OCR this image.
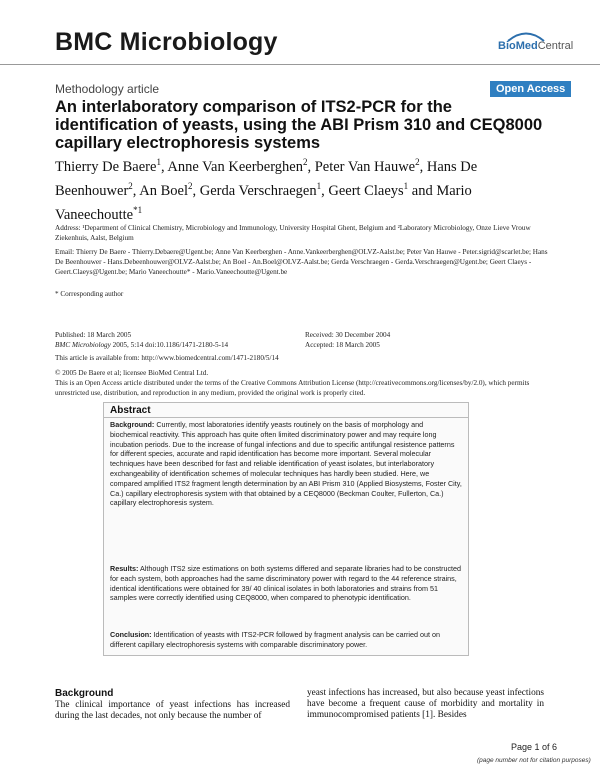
BMC Microbiology	BioMedCentral
Methodology article	Open Access
An interlaboratory comparison of ITS2-PCR for the identification of yeasts, using the ABI Prism 310 and CEQ8000 capillary electrophoresis systems
Thierry De Baere$^1$, Anne Van Keerberghen$^2$, Peter Van Hauwe$^2$, Hans De Beenhouwer$^2$, An Boel$^2$, Gerda Verschraegen$^1$, Geert Claeys$^1$ and Mario Vaneechoutte$^{*1}$
Address: ¹Department of Clinical Chemistry, Microbiology and Immunology, University Hospital Ghent, Belgium and ²Laboratory Microbiology, Onze Lieve Vrouw Ziekenhuis, Aalst, Belgium
Email: Thierry De Baere - Thierry.Debaere@Ugent.be; Anne Van Keerberghen - Anne.Vankeerberghen@OLVZ-Aalst.be; Peter Van Hauwe - Peter.sigrid@scarlet.be; Hans De Beenhouwer - Hans.Debeenhouwer@OLVZ-Aalst.be; An Boel - An.Boel@OLVZ-Aalst.be; Gerda Verschraegen - Gerda.Verschraegen@Ugent.be; Geert Claeys - Geert.Claeys@Ugent.be; Mario Vaneechoutte* - Mario.Vaneechoutte@Ugent.be
* Corresponding author
Published: 18 March 2005
BMC Microbiology 2005, 5:14 doi:10.1186/1471-2180-5-14
Received: 30 December 2004
Accepted: 18 March 2005
This article is available from: http://www.biomedcentral.com/1471-2180/5/14
© 2005 De Baere et al; licensee BioMed Central Ltd.
This is an Open Access article distributed under the terms of the Creative Commons Attribution License (http://creativecommons.org/licenses/by/2.0), which permits unrestricted use, distribution, and reproduction in any medium, provided the original work is properly cited.
Abstract

Background: Currently, most laboratories identify yeasts routinely on the basis of morphology and biochemical reactivity. This approach has quite often limited discriminatory power and may require long incubation periods. Due to the increase of fungal infections and due to specific antifungal resistence patterns for different species, accurate and rapid identification has become more important. Several molecular techniques have been described for fast and reliable identification of yeast isolates, but interlaboratory exchangeability of identification schemes of molecular techniques has hardly been studied. Here, we compared amplified ITS2 fragment length determination by an ABI Prism 310 (Applied Biosystems, Foster City, Ca.) capillary electrophoresis system with that obtained by a CEQ8000 (Beckman Coulter, Fullerton, Ca.) capillary electrophoresis system.

Results: Although ITS2 size estimations on both systems differed and separate libraries had to be constructed for each system, both approaches had the same discriminatory power with regard to the 44 reference strains, identical identifications were obtained for 39/ 40 clinical isolates in both laboratories and strains from 51 samples were correctly identified using CEQ8000, when compared to phenotypic identification.

Conclusion: Identification of yeasts with ITS2-PCR followed by fragment analysis can be carried out on different capillary electrophoresis systems with comparable discriminatory power.

Background

The clinical importance of yeast infections has increased during the last decades, not only because the number of

yeast infections has increased, but also because yeast infections have become a frequent cause of morbidity and mortality in immunocompromised patients [1]. Besides

Page 1 of 6
(page number not for citation purposes)
